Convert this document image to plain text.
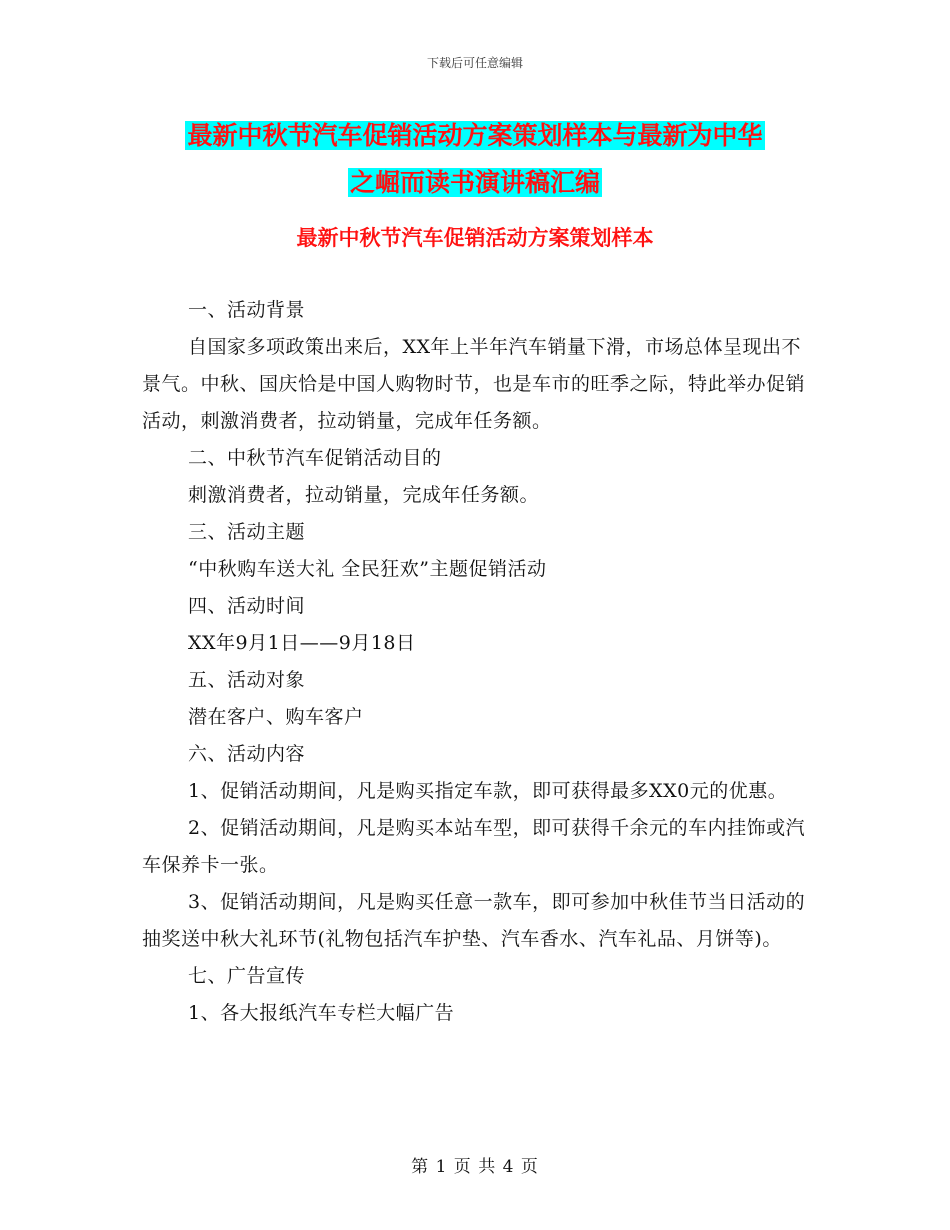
下载后可任意编辑
最新中秋节汽车促销活动方案策划样本与最新为中华
之崛而读书演讲稿汇编
最新中秋节汽车促销活动方案策划样本

一、活动背景

自国家多项政策出来后，XX年上半年汽车销量下滑，市场总体呈现出不景气。中秋、国庆恰是中国人购物时节，也是车市的旺季之际，特此举办促销活动，刺激消费者，拉动销量，完成年任务额。

二、中秋节汽车促销活动目的

刺激消费者，拉动销量，完成年任务额。

三、活动主题

“中秋购车送大礼 全民狂欢”主题促销活动

四、活动时间

XX年9月1日——9月18日

五、活动对象

潜在客户、购车客户

六、活动内容

1、促销活动期间，凡是购买指定车款，即可获得最多XX0元的优惠。

2、促销活动期间，凡是购买本站车型，即可获得千余元的车内挂饰或汽车保养卡一张。

3、促销活动期间，凡是购买任意一款车，即可参加中秋佳节当日活动的抽奖送中秋大礼环节(礼物包括汽车护垫、汽车香水、汽车礼品、月饼等)。

七、广告宣传

1、各大报纸汽车专栏大幅广告

第 1 页 共 4 页
